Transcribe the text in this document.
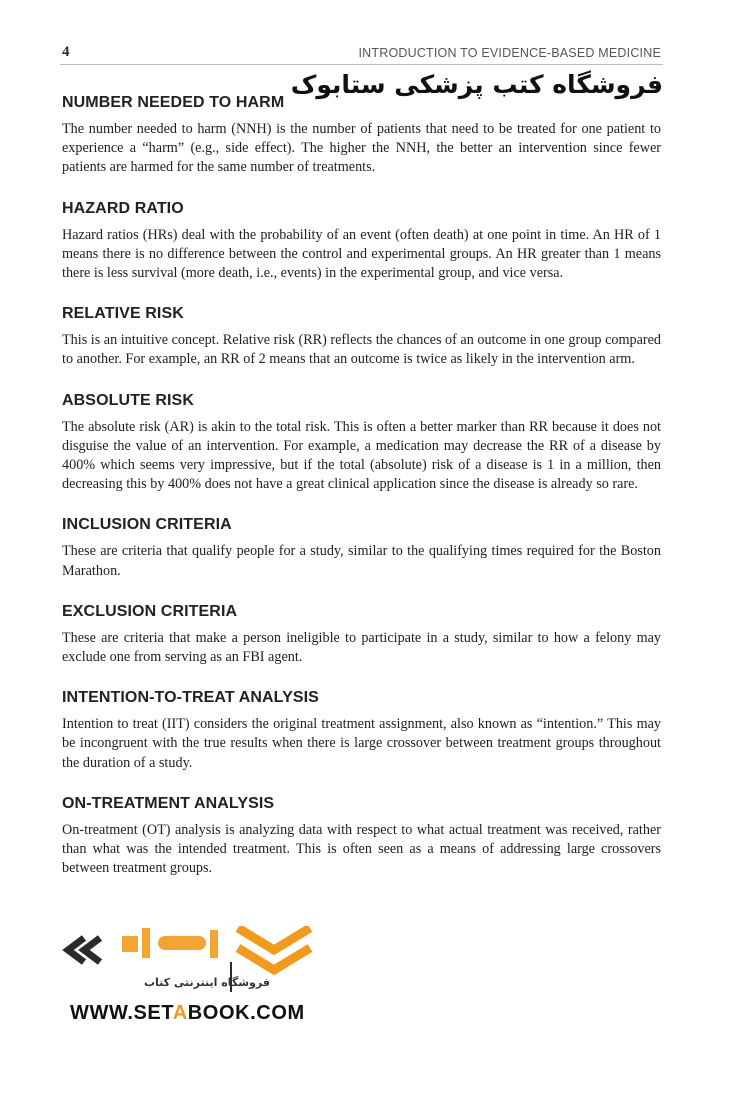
4	INTRODUCTION TO EVIDENCE-BASED MEDICINE
فروشگاه کتب پزشکی ستابوک
NUMBER NEEDED TO HARM

The number needed to harm (NNH) is the number of patients that need to be treated for one patient to experience a “harm” (e.g., side effect). The higher the NNH, the better an intervention since fewer patients are harmed for the same number of treatments.

HAZARD RATIO

Hazard ratios (HRs) deal with the probability of an event (often death) at one point in time. An HR of 1 means there is no difference between the control and experimental groups. An HR greater than 1 means there is less survival (more death, i.e., events) in the experimental group, and vice versa.

RELATIVE RISK

This is an intuitive concept. Relative risk (RR) reflects the chances of an outcome in one group compared to another. For example, an RR of 2 means that an outcome is twice as likely in the intervention arm.

ABSOLUTE RISK

The absolute risk (AR) is akin to the total risk. This is often a better marker than RR because it does not disguise the value of an intervention. For example, a medication may decrease the RR of a disease by 400% which seems very impressive, but if the total (absolute) risk of a disease is 1 in a million, then decreasing this by 400% does not have a great clinical application since the disease is already so rare.

INCLUSION CRITERIA

These are criteria that qualify people for a study, similar to the qualifying times required for the Boston Marathon.

EXCLUSION CRITERIA

These are criteria that make a person ineligible to participate in a study, similar to how a felony may exclude one from serving as an FBI agent.

INTENTION-TO-TREAT ANALYSIS

Intention to treat (IIT) considers the original treatment assignment, also known as “intention.” This may be incongruent with the true results when there is large crossover between treatment groups throughout the duration of a study.

ON-TREATMENT ANALYSIS

On-treatment (OT) analysis is analyzing data with respect to what actual treatment was received, rather than what was the intended treatment. This is often seen as a means of addressing large crossovers between treatment groups.

فروشگاه اینترنتی کتاب
WWW.SETABOOK.COM
